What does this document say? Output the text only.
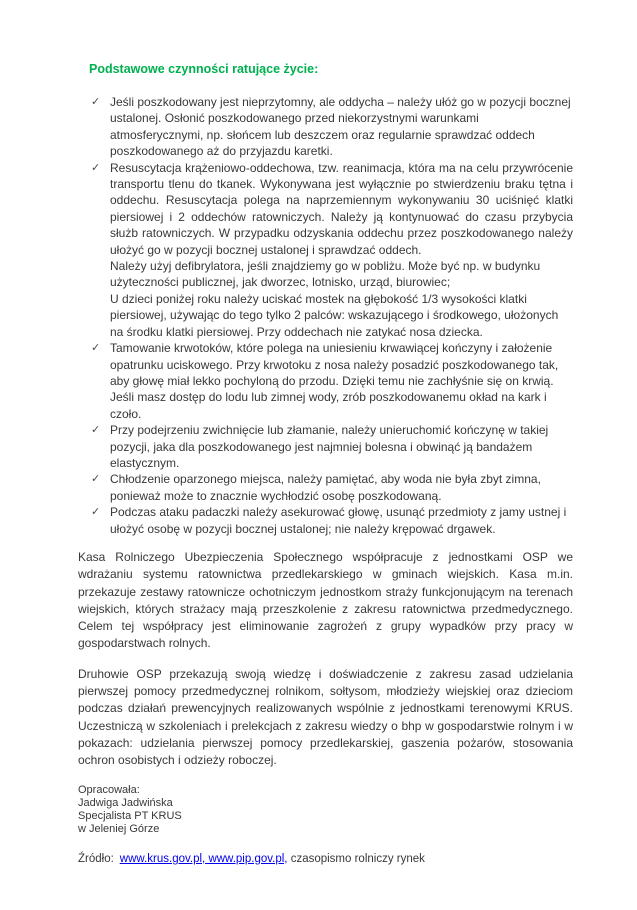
Podstawowe czynności ratujące życie:
✓ Jeśli poszkodowany jest nieprzytomny, ale oddycha – należy ułóż go w pozycji bocznej ustalonej. Osłonić poszkodowanego przed niekorzystnymi warunkami atmosferycznymi, np. słońcem lub deszczem oraz regularnie sprawdzać oddech poszkodowanego aż do przyjazdu karetki.
✓ Resuscytacja krążeniowo-oddechowa, tzw. reanimacja, która ma na celu przywrócenie transportu tlenu do tkanek. Wykonywana jest wyłącznie po stwierdzeniu braku tętna i oddechu. Resuscytacja polega na naprzemiennym wykonywaniu 30 uciśnięć klatki piersiowej i 2 oddechów ratowniczych. Należy ją kontynuować do czasu przybycia służb ratowniczych. W przypadku odzyskania oddechu przez poszkodowanego należy ułożyć go w pozycji bocznej ustalonej i sprawdzać oddech.
Należy użyj defibrylatora, jeśli znajdziemy go w pobliżu. Może być np. w budynku użyteczności publicznej, jak dworzec, lotnisko, urząd, biurowiec;
U dzieci poniżej roku należy uciskać mostek na głębokość 1/3 wysokości klatki piersiowej, używając do tego tylko 2 palców: wskazującego i środkowego, ułożonych na środku klatki piersiowej. Przy oddechach nie zatykać nosa dziecka.
✓ Tamowanie krwotoków, które polega na uniesieniu krwawiącej kończyny i założenie opatrunku uciskowego. Przy krwotoku z nosa należy posadzić poszkodowanego tak, aby głowę miał lekko pochyloną do przodu. Dzięki temu nie zachłyśnie się on krwią. Jeśli masz dostęp do lodu lub zimnej wody, zrób poszkodowanemu okład na kark i czoło.
✓ Przy podejrzeniu zwichnięcie lub złamanie, należy unieruchomić kończynę w takiej pozycji, jaka dla poszkodowanego jest najmniej bolesna i obwinąć ją bandażem elastycznym.
✓ Chłodzenie oparzonego miejsca, należy pamiętać, aby woda nie była zbyt zimna, ponieważ może to znacznie wychłodzić osobę poszkodowaną.
✓ Podczas ataku padaczki należy asekurować głowę, usunąć przedmioty z jamy ustnej i ułożyć osobę w pozycji bocznej ustalonej; nie należy krępować drgawek.

Kasa Rolniczego Ubezpieczenia Społecznego współpracuje z jednostkami OSP we wdrażaniu systemu ratownictwa przedlekarskiego w gminach wiejskich. Kasa m.in. przekazuje zestawy ratownicze ochotniczym jednostkom straży funkcjonującym na terenach wiejskich, których strażacy mają przeszkolenie z zakresu ratownictwa przedmedycznego. Celem tej współpracy jest eliminowanie zagrożeń z grupy wypadków przy pracy w gospodarstwach rolnych.

Druhowie OSP przekazują swoją wiedzę i doświadczenie z zakresu zasad udzielania pierwszej pomocy przedmedycznej rolnikom, sołtysom, młodzieży wiejskiej oraz dzieciom podczas działań prewencyjnych realizowanych wspólnie z jednostkami terenowymi KRUS. Uczestniczą w szkoleniach i prelekcjach z zakresu wiedzy o bhp w gospodarstwie rolnym i w pokazach: udzielania pierwszej pomocy przedlekarskiej, gaszenia pożarów, stosowania ochron osobistych i odzieży roboczej.

Opracowała:
Jadwiga Jadwińska
Specjalista PT KRUS
w Jeleniej Górze
Źródło: www.krus.gov.pl, www.pip.gov.pl, czasopismo rolniczy rynek
